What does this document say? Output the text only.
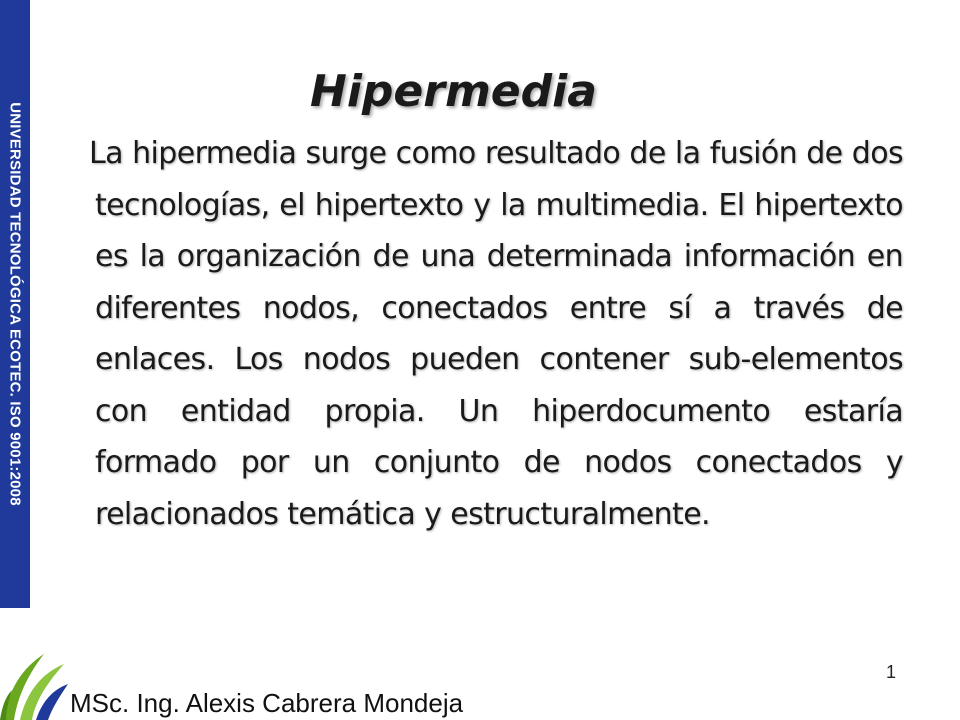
UNIVERSIDAD TECNOLÓGICA ECOTEC. ISO 9001:2008
Hipermedia

La hipermedia surge como resultado de la fusión de dos tecnologías, el hipertexto y la multimedia. El hipertexto es la organización de una determinada información en diferentes nodos, conectados entre sí a través de enlaces. Los nodos pueden contener sub-elementos con entidad propia. Un hiperdocumento estaría formado por un conjunto de nodos conectados y relacionados temática y estructuralmente.

1
MSc. Ing. Alexis Cabrera Mondeja
